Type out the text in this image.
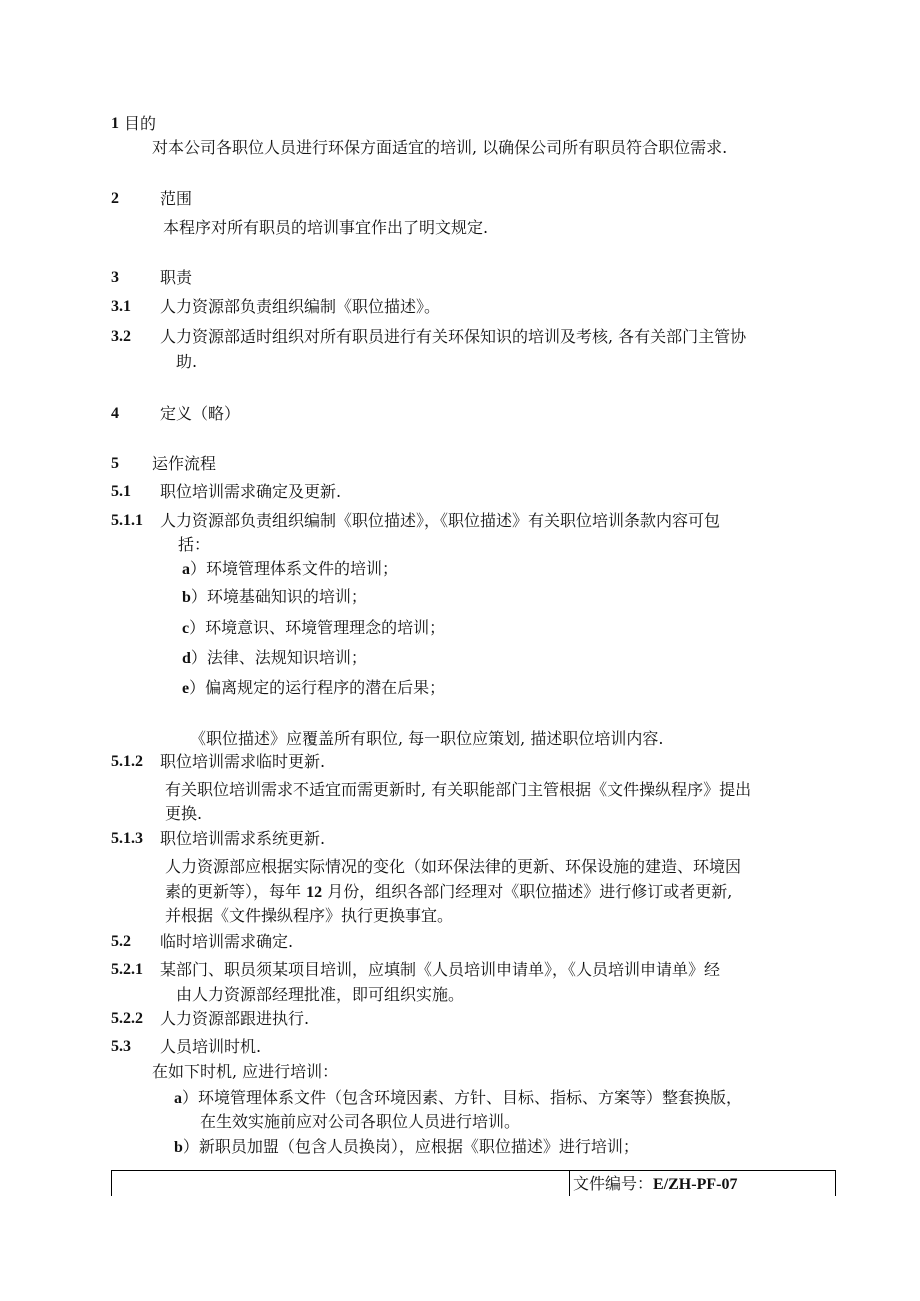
1 目的
对本公司各职位人员进行环保方面适宜的培训, 以确保公司所有职员符合职位需求.
2	范围
本程序对所有职员的培训事宜作出了明文规定.
3	职责
3.1 人力资源部负责组织编制《职位描述》。
3.2 人力资源部适时组织对所有职员进行有关环保知识的培训及考核, 各有关部门主管协
助.
4	定义（略）
5 运作流程
5.1 职位培训需求确定及更新.
5.1.1 人力资源部负责组织编制《职位描述》，《职位描述》有关职位培训条款内容可包
括：
a）环境管理体系文件的培训；
b）环境基础知识的培训；
c）环境意识、环境管理理念的培训；
d）法律、法规知识培训；
e）偏离规定的运行程序的潜在后果；
《职位描述》应覆盖所有职位, 每一职位应策划, 描述职位培训内容.
5.1.2 职位培训需求临时更新.
有关职位培训需求不适宜而需更新时, 有关职能部门主管根据《文件操纵程序》提出
更换.
5.1.3 职位培训需求系统更新.
人力资源部应根据实际情况的变化（如环保法律的更新、环保设施的建造、环境因
素的更新等），每年 12 月份，组织各部门经理对《职位描述》进行修订或者更新,
并根据《文件操纵程序》执行更换事宜。
5.2 临时培训需求确定.
5.2.1 某部门、职员须某项目培训，应填制《人员培训申请单》，《人员培训申请单》经
由人力资源部经理批准，即可组织实施。
5.2.2 人力资源部跟进执行.
5.3 人员培训时机.
在如下时机, 应进行培训：
a）环境管理体系文件（包含环境因素、方针、目标、指标、方案等）整套换版，
在生效实施前应对公司各职位人员进行培训。
b）新职员加盟（包含人员换岗），应根据《职位描述》进行培训；
文件编号：E/ZH-PF-07
